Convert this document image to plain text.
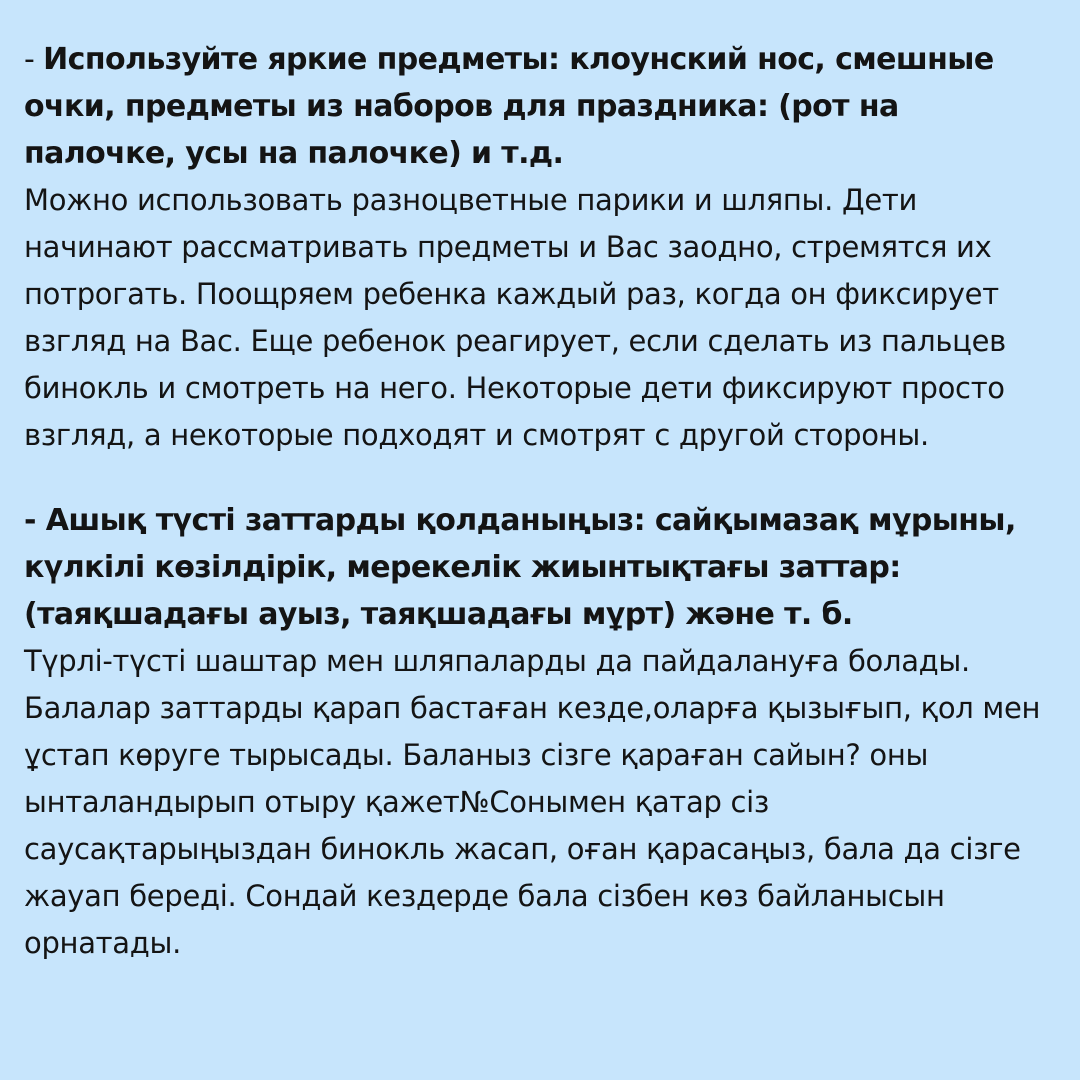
- Используйте яркие предметы: клоунский нос, смешные очки, предметы из наборов для праздника: (рот на палочке, усы на палочке) и т.д.

Можно использовать разноцветные парики и шляпы. Дети начинают рассматривать предметы и Вас заодно, стремятся их потрогать. Поощряем ребенка каждый раз, когда он фиксирует взгляд на Вас. Еще ребенок реагирует, если сделать из пальцев бинокль и смотреть на него. Некоторые дети фиксируют просто взгляд, а некоторые подходят и смотрят с другой стороны.

- Ашық түсті заттарды қолданыңыз: сайқымазақ мұрыны, күлкілі көзілдірік, мерекелік жиынтықтағы заттар: (таяқшадағы ауыз, таяқшадағы мұрт) және т. б.

Түрлі-түсті шаштар мен шляпаларды да пайдалануға болады. Балалар заттарды қарап бастаған кезде,оларға қызығып, қол мен ұстап көруге тырысады. Баланыз сізге қараған сайын? оны ынталандырып отыру қажет№Сонымен қатар сіз саусақтарыңыздан бинокль жасап, оған қарасаңыз, бала да сізге жауап береді. Сондай кездерде бала сізбен көз байланысын орнатады.
